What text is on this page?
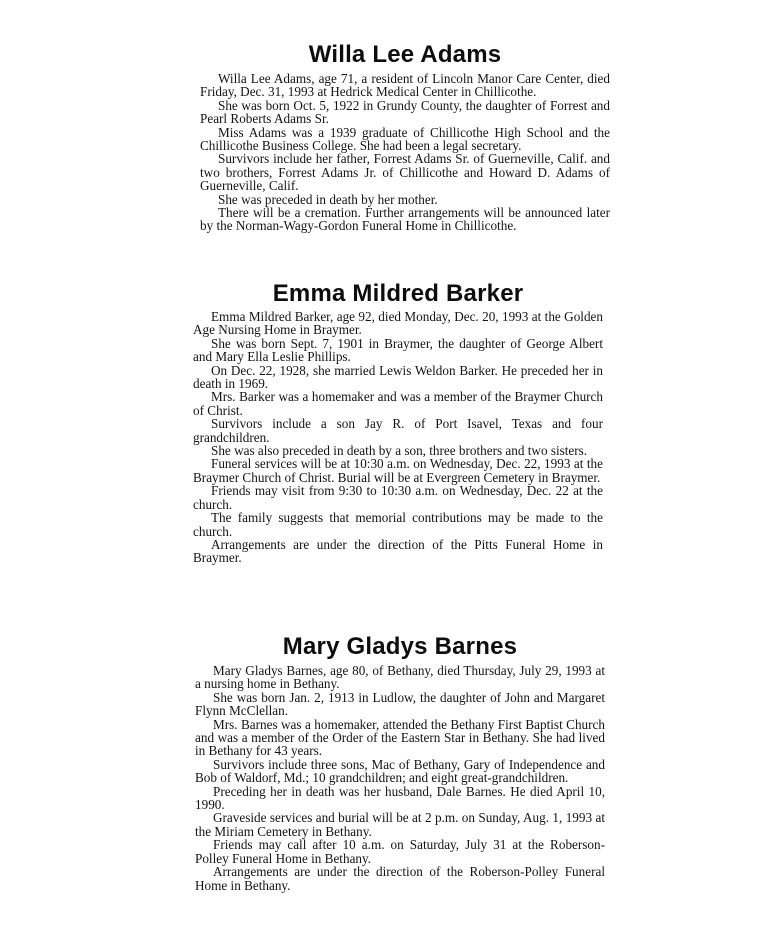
Willa Lee Adams

Willa Lee Adams, age 71, a resident of Lincoln Manor Care Center, died Friday, Dec. 31, 1993 at Hedrick Medical Center in Chillicothe.

She was born Oct. 5, 1922 in Grundy County, the daughter of Forrest and Pearl Roberts Adams Sr.

Miss Adams was a 1939 graduate of Chillicothe High School and the Chillicothe Business College. She had been a legal secretary.

Survivors include her father, Forrest Adams Sr. of Guerneville, Calif. and two brothers, Forrest Adams Jr. of Chillicothe and Howard D. Adams of Guerneville, Calif.

She was preceded in death by her mother.

There will be a cremation. Further arrangements will be announced later by the Norman-Wagy-Gordon Funeral Home in Chillicothe.

Emma Mildred Barker

Emma Mildred Barker, age 92, died Monday, Dec. 20, 1993 at the Golden Age Nursing Home in Braymer.

She was born Sept. 7, 1901 in Braymer, the daughter of George Albert and Mary Ella Leslie Phillips.

On Dec. 22, 1928, she married Lewis Weldon Barker. He preceded her in death in 1969.

Mrs. Barker was a homemaker and was a member of the Braymer Church of Christ.

Survivors include a son Jay R. of Port Isavel, Texas and four grandchildren.

She was also preceded in death by a son, three brothers and two sisters.

Funeral services will be at 10:30 a.m. on Wednesday, Dec. 22, 1993 at the Braymer Church of Christ. Burial will be at Evergreen Cemetery in Braymer.

Friends may visit from 9:30 to 10:30 a.m. on Wednesday, Dec. 22 at the church.

The family suggests that memorial contributions may be made to the church.

Arrangements are under the direction of the Pitts Funeral Home in Braymer.

Mary Gladys Barnes

Mary Gladys Barnes, age 80, of Bethany, died Thursday, July 29, 1993 at a nursing home in Bethany.

She was born Jan. 2, 1913 in Ludlow, the daughter of John and Margaret Flynn McClellan.

Mrs. Barnes was a homemaker, attended the Bethany First Baptist Church and was a member of the Order of the Eastern Star in Bethany. She had lived in Bethany for 43 years.

Survivors include three sons, Mac of Bethany, Gary of Independence and Bob of Waldorf, Md.; 10 grandchildren; and eight great-grandchildren.

Preceding her in death was her husband, Dale Barnes. He died April 10, 1990.

Graveside services and burial will be at 2 p.m. on Sunday, Aug. 1, 1993 at the Miriam Cemetery in Bethany.

Friends may call after 10 a.m. on Saturday, July 31 at the Roberson-Polley Funeral Home in Bethany.

Arrangements are under the direction of the Roberson-Polley Funeral Home in Bethany.
